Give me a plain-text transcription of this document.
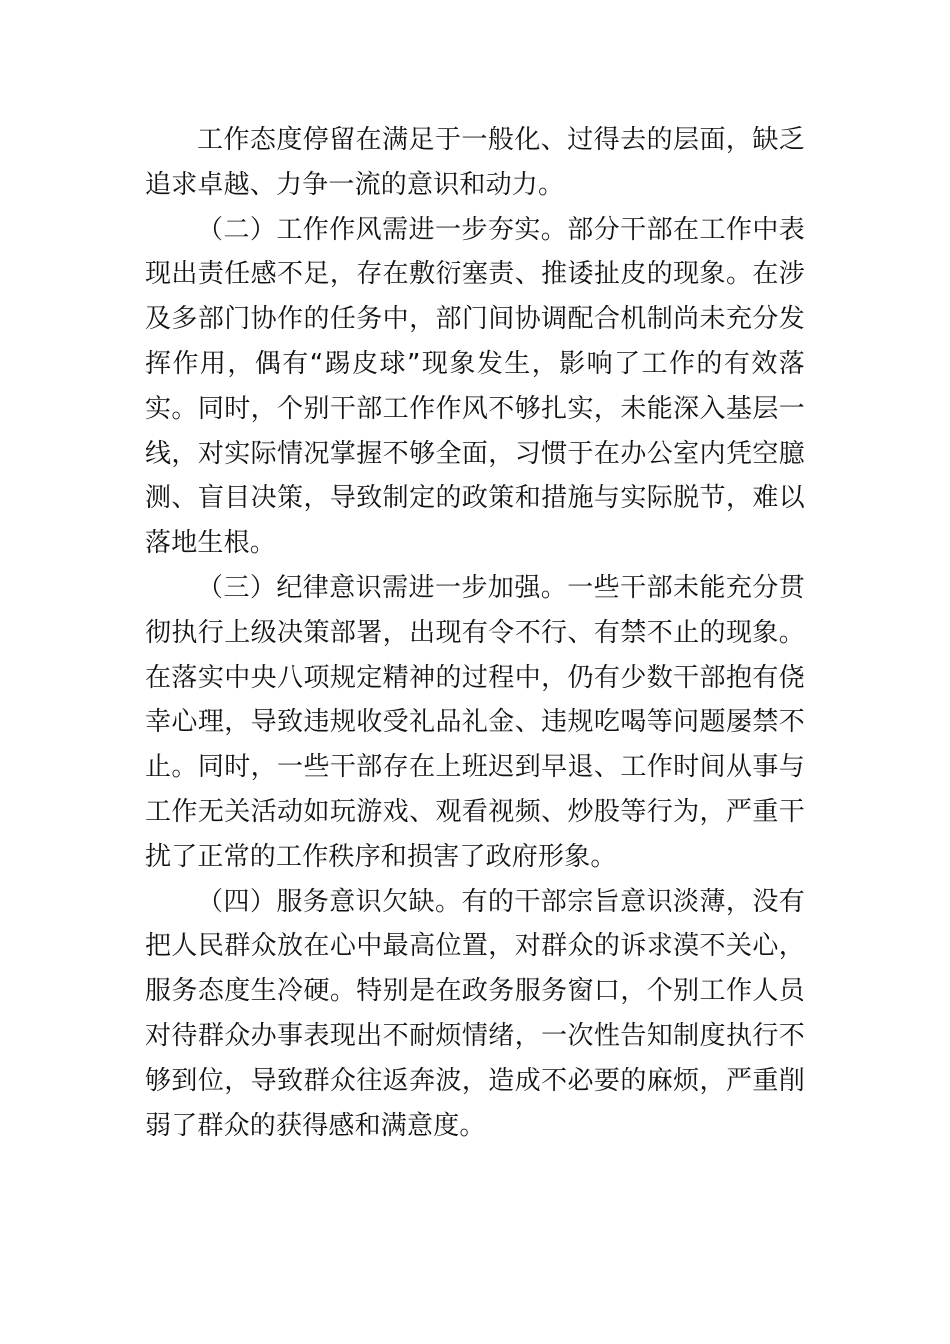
工作态度停留在满足于一般化、过得去的层面，缺乏追求卓越、力争一流的意识和动力。

（二）工作作风需进一步夯实。部分干部在工作中表现出责任感不足，存在敷衍塞责、推诿扯皮的现象。在涉及多部门协作的任务中，部门间协调配合机制尚未充分发挥作用，偶有“踢皮球”现象发生，影响了工作的有效落实。同时，个别干部工作作风不够扎实，未能深入基层一线，对实际情况掌握不够全面，习惯于在办公室内凭空臆测、盲目决策，导致制定的政策和措施与实际脱节，难以落地生根。

（三）纪律意识需进一步加强。一些干部未能充分贯彻执行上级决策部署，出现有令不行、有禁不止的现象。在落实中央八项规定精神的过程中，仍有少数干部抱有侥幸心理，导致违规收受礼品礼金、违规吃喝等问题屡禁不止。同时，一些干部存在上班迟到早退、工作时间从事与工作无关活动如玩游戏、观看视频、炒股等行为，严重干扰了正常的工作秩序和损害了政府形象。

（四）服务意识欠缺。有的干部宗旨意识淡薄，没有把人民群众放在心中最高位置，对群众的诉求漠不关心，服务态度生冷硬。特别是在政务服务窗口，个别工作人员对待群众办事表现出不耐烦情绪，一次性告知制度执行不够到位，导致群众往返奔波，造成不必要的麻烦，严重削弱了群众的获得感和满意度。
